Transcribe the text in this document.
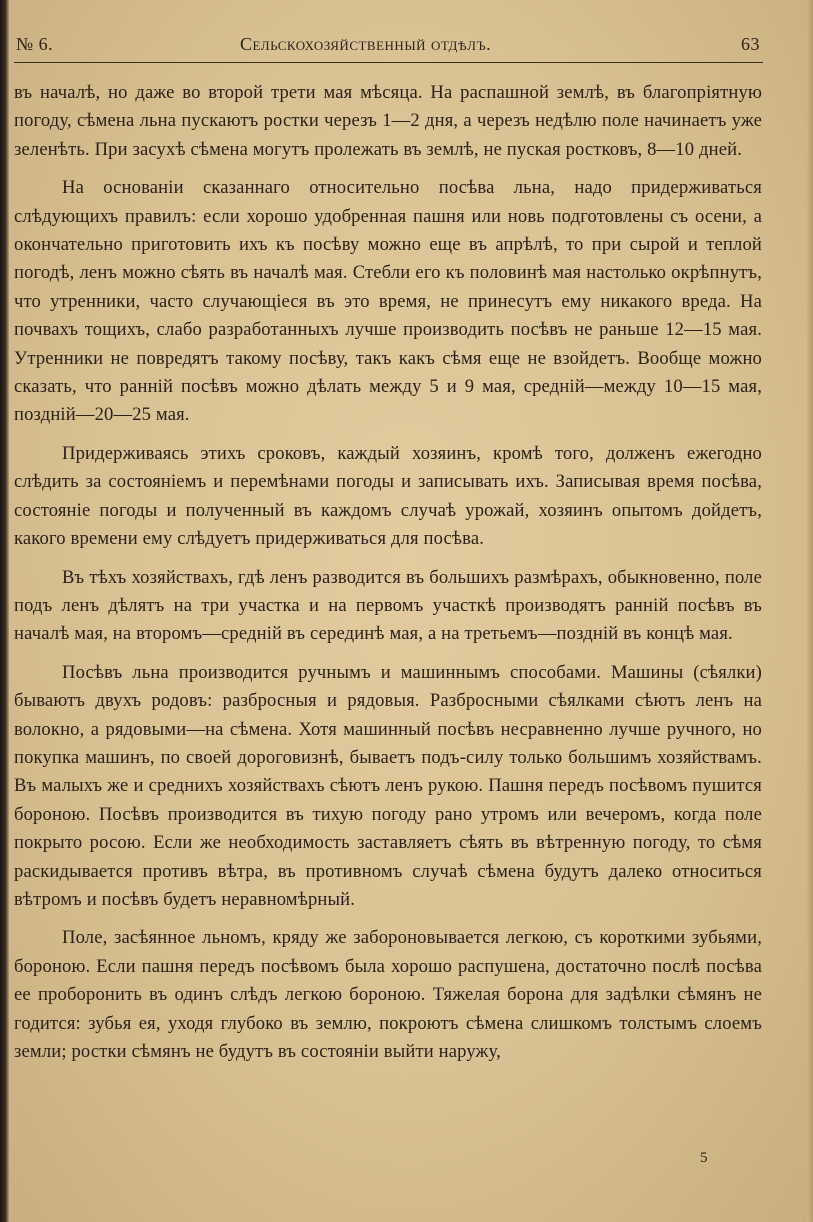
№ 6.	Сельскохозяйственный отдѣлъ.	63

въ началѣ, но даже во второй трети мая мѣсяца. На распашной землѣ, въ благопріятную погоду, сѣмена льна пускаютъ ростки черезъ 1—2 дня, а черезъ недѣлю поле начинаетъ уже зеленѣть. При засухѣ сѣмена могутъ пролежать въ землѣ, не пуская ростковъ, 8—10 дней.

На основаніи сказаннаго относительно посѣва льна, надо придерживаться слѣдующихъ правилъ: если хорошо удобренная пашня или новь подготовлены съ осени, а окончательно приготовить ихъ къ посѣву можно еще въ апрѣлѣ, то при сырой и теплой погодѣ, ленъ можно сѣять въ началѣ мая. Стебли его къ половинѣ мая настолько окрѣпнутъ, что утренники, часто случающіеся въ это время, не принесутъ ему никакого вреда. На почвахъ тощихъ, слабо разработанныхъ лучше производить посѣвъ не раньше 12—15 мая. Утренники не повредятъ такому посѣву, такъ какъ сѣмя еще не взойдетъ. Вообще можно сказать, что ранній посѣвъ можно дѣлать между 5 и 9 мая, средній—между 10—15 мая, поздній—20—25 мая.

Придерживаясь этихъ сроковъ, каждый хозяинъ, кромѣ того, долженъ ежегодно слѣдить за состояніемъ и перемѣнами погоды и записывать ихъ. Записывая время посѣва, состояніе погоды и полученный въ каждомъ случаѣ урожай, хозяинъ опытомъ дойдетъ, какого времени ему слѣдуетъ придерживаться для посѣва.

Въ тѣхъ хозяйствахъ, гдѣ ленъ разводится въ большихъ размѣрахъ, обыкновенно, поле подъ ленъ дѣлятъ на три участка и на первомъ участкѣ производятъ ранній посѣвъ въ началѣ мая, на второмъ—средній въ серединѣ мая, а на третьемъ—поздній въ концѣ мая.

Посѣвъ льна производится ручнымъ и машиннымъ способами. Машины (сѣялки) бываютъ двухъ родовъ: разбросныя и рядовыя. Разбросными сѣялками сѣютъ ленъ на волокно, а рядовыми—на сѣмена. Хотя машинный посѣвъ несравненно лучше ручного, но покупка машинъ, по своей дороговизнѣ, бываетъ подъ-силу только большимъ хозяйствамъ. Въ малыхъ же и среднихъ хозяйствахъ сѣютъ ленъ рукою. Пашня передъ посѣвомъ пушится бороною. Посѣвъ производится въ тихую погоду рано утромъ или вечеромъ, когда поле покрыто росою. Если же необходимость заставляетъ сѣять въ вѣтренную погоду, то сѣмя раскидывается противъ вѣтра, въ противномъ случаѣ сѣмена будутъ далеко относиться вѣтромъ и посѣвъ будетъ неравномѣрный.

Поле, засѣянное льномъ, кряду же забороновывается легкою, съ короткими зубьями, бороною. Если пашня передъ посѣвомъ была хорошо распушена, достаточно послѣ посѣва ее проборонить въ одинъ слѣдъ легкою бороною. Тяжелая борона для задѣлки сѣмянъ не годится: зубья ея, уходя глубоко въ землю, покроютъ сѣмена слишкомъ толстымъ слоемъ земли; ростки сѣмянъ не будутъ въ состояніи выйти наружу,

5
